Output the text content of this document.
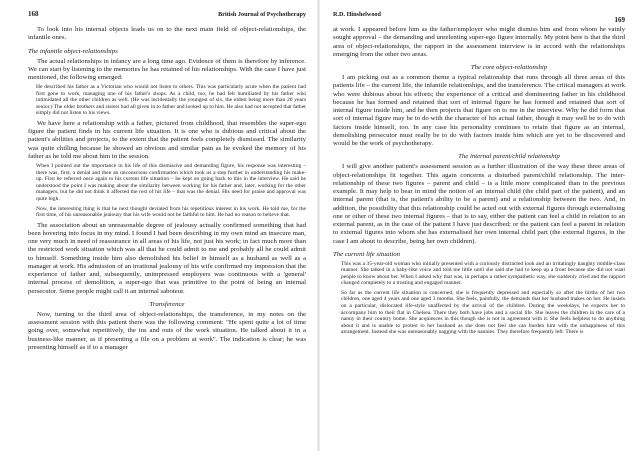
168	British Journal of Psychotherapy

To look into his internal objects leads us on to the next main field of object-relationships, the infantile ones.

The infantile object-relationships

The actual relationships in infancy are a long time ago. Evidence of them is therefore by inference. We can start by listening to the memories he has retained of his relationships. With the case I have just mentioned, the following emerged:

He described his father as a Victorian who would not listen to others. This was particularly acute when the patient had first gone to work, managing one of his father's shops. As a child, too, he had felt humiliated by his father who intimidated all the other children as well. (He was incidentally the youngest of six, the eldest being more than 20 years senior.) The older brothers and sisters had all given in to father and looked up to him. He also had not accepted that father simply did not listen to his views.

We have here a relationship with a father, pictured from childhood, that resembles the super-ego figure the patient finds in his current life situation. It is one who is dubious and critical about the patient's abilities and projects, to the extent that the patient feels completely dismissed. The similarity was quite chilling because he showed an obvious and similar pain as he evoked the memory of his father as he told me about him in the session.

When I pointed out the importance in his life of this dismissive and demanding figure, his response was interesting – there was, first, a denial and then an unconscious confirmation which took us a step further in understanding his make-up. First he referred once again to his current life situation – he kept on going back to this in the interview. He said he understood the point I was making about the similarity between working for his father and, later, working for the other managers, but he did not think it affected the rest of his life – that was the denial. His need for praise and approval was quite high.

Now, the interesting thing is that he next thought deviated from his repetitious interest in his work. He told me, for the first time, of his unreasonable jealousy that his wife would not be faithful to him. He had no reason to believe that.

The association about an unreasonable degree of jealousy actually confirmed something that had been hovering into focus in my mind. I found I had been describing in my own mind an insecure man, one very much in need of reassurance in all areas of his life, not just his work; in fact much more than the restricted work situation which was all that he could admit to me and probably all he could admit to himself. Something inside him also demolished his belief in himself as a husband as well as a manager at work. His admission of an irrational jealousy of his wife confirmed my impression that the experience of father and, subsequently, unimpressed employers was continuous with a 'general' internal process of demolition, a super-ego that was primitive to the point of being an internal persecutor. Some people might call it an internal saboteur.

Transference

Now, turning to the third area of object-relationships, the transference, in my notes on the assessment session with this patient there was the following comment: "He spent quite a lot of time going over, somewhat repetitively, the ins and outs of the work situation. He talked about it in a business-like manner, as if presenting a file on a problem at work". The indication is clear; he was presenting himself as if to a manager

R.D. Hinshelwood
169

at work. I appeared before him as the father/employer who might dismiss him and from whom he vainly sought approval – the demanding and unrelenting super-ego figure internally. My point here is that the third area of object-relationships, the rapport in the assessment interview is in accord with the relationships emerging from the other two areas.

The core object-relationship

I am picking out as a common theme a typical relationship that runs through all three areas of this patients life – the current life, the infantile relationships, and the transference. The critical managers at work who were dubious about his efforts; the experience of a critical and domineering father in his childhood because he has formed and retained that sort of internal figure he has formed and retained that sort of internal figure inside him, and he then projects that figure on to me in the interview. Why he did form that sort of internal figure may be to do with the character of his actual father, though it may well be to do with factors inside himself, too. In any case his personality continues to retain that figure as an internal, demolishing persecutor must really be to do with factors inside him which are yet to be discovered and would be the work of psychotherapy.

The internal parent/child relationship

I will give another patient's assessment session as a further illustration of the way these three areas of object-relationships fit together. This again concerns a disturbed parent/child relationship. The inter-relationship of these two figures – parent and child – is a little more complicated than in the previous example. It may help to bear in mind the notion of an internal child (the child part of the patient), and an internal parent (that is, the patient's ability to be a parent) and a relationship between the two. And, in addition, the possibility that this relationship could be acted out with external figures through externalising one or other of these two internal figures – that is to say, either the patient can feel a child in relation to an external parent, as in the case of the patient I have just described; or the patient can feel a parent in relation to external figures into whom she has externalised her own internal child part (the external figures, in the case I am about to describe, being her own children).

The current life situation

This was a 35-year-old woman who initially presented with a curiously distracted look and an irritatingly haughty middle-class manner. She talked in a baby-like voice and told me little until she said she had to keep up a front because she did not want people to know about her. When I asked why that was, in perhaps a rather sympathetic way, she suddenly cried and the rapport changed completely to a trusting and engaged manner.

So far as the current life situation is concerned, she is frequently depressed and especially so after the births of her two children, one aged 4 years and one aged 3 months. She feels, painfully, the demands that her husband makes on her. He insists on a particular, dislocated life-style unaffected by the arrival of the children. During the weekdays, he expects her to accompany him to their flat in Chelsea. There they both have jobs and a social life. She leaves the children in the care of a nanny in their country home. She acquiesces in this though she is not in agreement with it. She feels helpless to do anything about it and is unable to protest to her husband as she does not feel she can burden him with the unhappiness of this arrangement. Instead she was unreasonably nagging with the nannies. They therefore frequently left. There is
